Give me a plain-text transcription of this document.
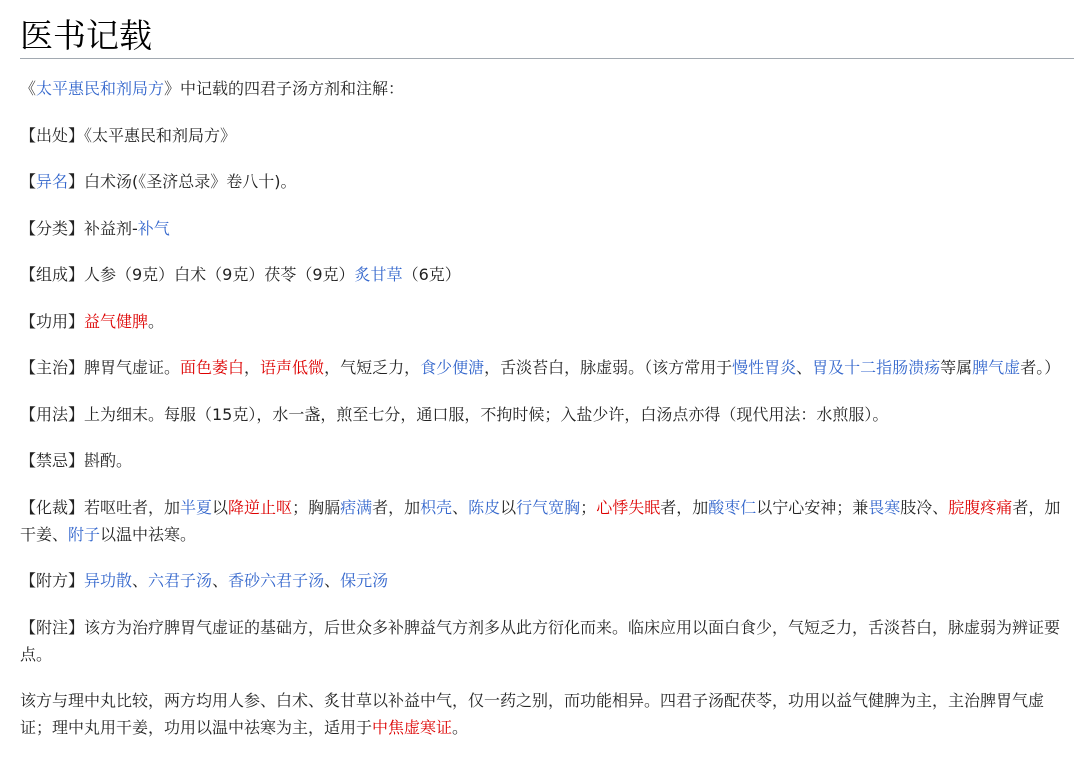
医书记载

《太平惠民和剂局方》中记载的四君子汤方剂和注解：

【出处】《太平惠民和剂局方》

【异名】白术汤(《圣济总录》卷八十)。

【分类】补益剂-补气

【组成】人参（9克）白术（9克）茯苓（9克）炙甘草（6克）

【功用】益气健脾。

【主治】脾胃气虚证。面色萎白，语声低微，气短乏力，食少便溏，舌淡苔白，脉虚弱。（该方常用于慢性胃炎、胃及十二指肠溃疡等属脾气虚者。）

【用法】上为细末。每服（15克），水一盏，煎至七分，通口服，不拘时候；入盐少许，白汤点亦得（现代用法：水煎服）。

【禁忌】斟酌。

【化裁】若呕吐者，加半夏以降逆止呕；胸膈痞满者，加枳壳、陈皮以行气宽胸；心悸失眠者，加酸枣仁以宁心安神；兼畏寒肢冷、脘腹疼痛者，加干姜、附子以温中祛寒。

【附方】异功散、六君子汤、香砂六君子汤、保元汤

【附注】该方为治疗脾胃气虚证的基础方，后世众多补脾益气方剂多从此方衍化而来。临床应用以面白食少，气短乏力，舌淡苔白，脉虚弱为辨证要点。

该方与理中丸比较，两方均用人参、白术、炙甘草以补益中气，仅一药之别，而功能相异。四君子汤配茯苓，功用以益气健脾为主，主治脾胃气虚证；理中丸用干姜，功用以温中祛寒为主，适用于中焦虚寒证。
